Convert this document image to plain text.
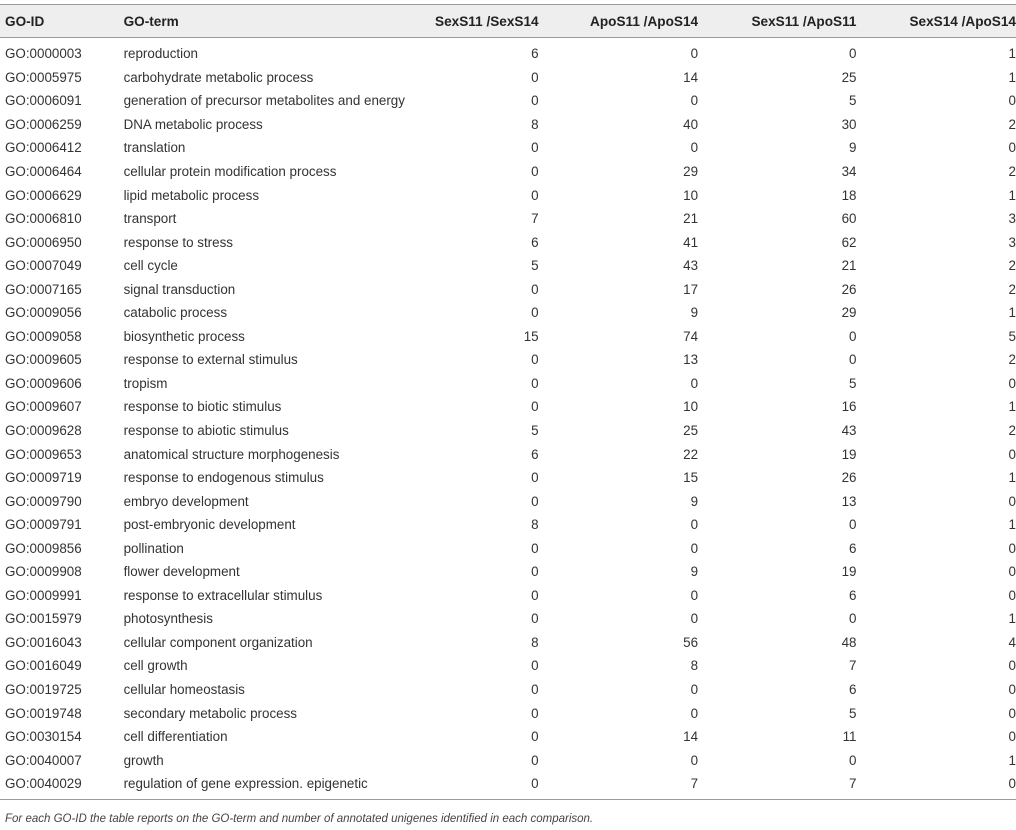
GO-ID	GO-term	SexS11 /SexS14	ApoS11 /ApoS14	SexS11 /ApoS11	SexS14 /ApoS14
GO:0000003	reproduction	6	0	0	1
GO:0005975	carbohydrate metabolic process	0	14	25	1
GO:0006091	generation of precursor metabolites and energy	0	0	5	0
GO:0006259	DNA metabolic process	8	40	30	2
GO:0006412	translation	0	0	9	0
GO:0006464	cellular protein modification process	0	29	34	2
GO:0006629	lipid metabolic process	0	10	18	1
GO:0006810	transport	7	21	60	3
GO:0006950	response to stress	6	41	62	3
GO:0007049	cell cycle	5	43	21	2
GO:0007165	signal transduction	0	17	26	2
GO:0009056	catabolic process	0	9	29	1
GO:0009058	biosynthetic process	15	74	0	5
GO:0009605	response to external stimulus	0	13	0	2
GO:0009606	tropism	0	0	5	0
GO:0009607	response to biotic stimulus	0	10	16	1
GO:0009628	response to abiotic stimulus	5	25	43	2
GO:0009653	anatomical structure morphogenesis	6	22	19	0
GO:0009719	response to endogenous stimulus	0	15	26	1
GO:0009790	embryo development	0	9	13	0
GO:0009791	post-embryonic development	8	0	0	1
GO:0009856	pollination	0	0	6	0
GO:0009908	flower development	0	9	19	0
GO:0009991	response to extracellular stimulus	0	0	6	0
GO:0015979	photosynthesis	0	0	0	1
GO:0016043	cellular component organization	8	56	48	4
GO:0016049	cell growth	0	8	7	0
GO:0019725	cellular homeostasis	0	0	6	0
GO:0019748	secondary metabolic process	0	0	5	0
GO:0030154	cell differentiation	0	14	11	0
GO:0040007	growth	0	0	0	1
GO:0040029	regulation of gene expression. epigenetic	0	7	7	0
For each GO-ID the table reports on the GO-term and number of annotated unigenes identified in each comparison.
